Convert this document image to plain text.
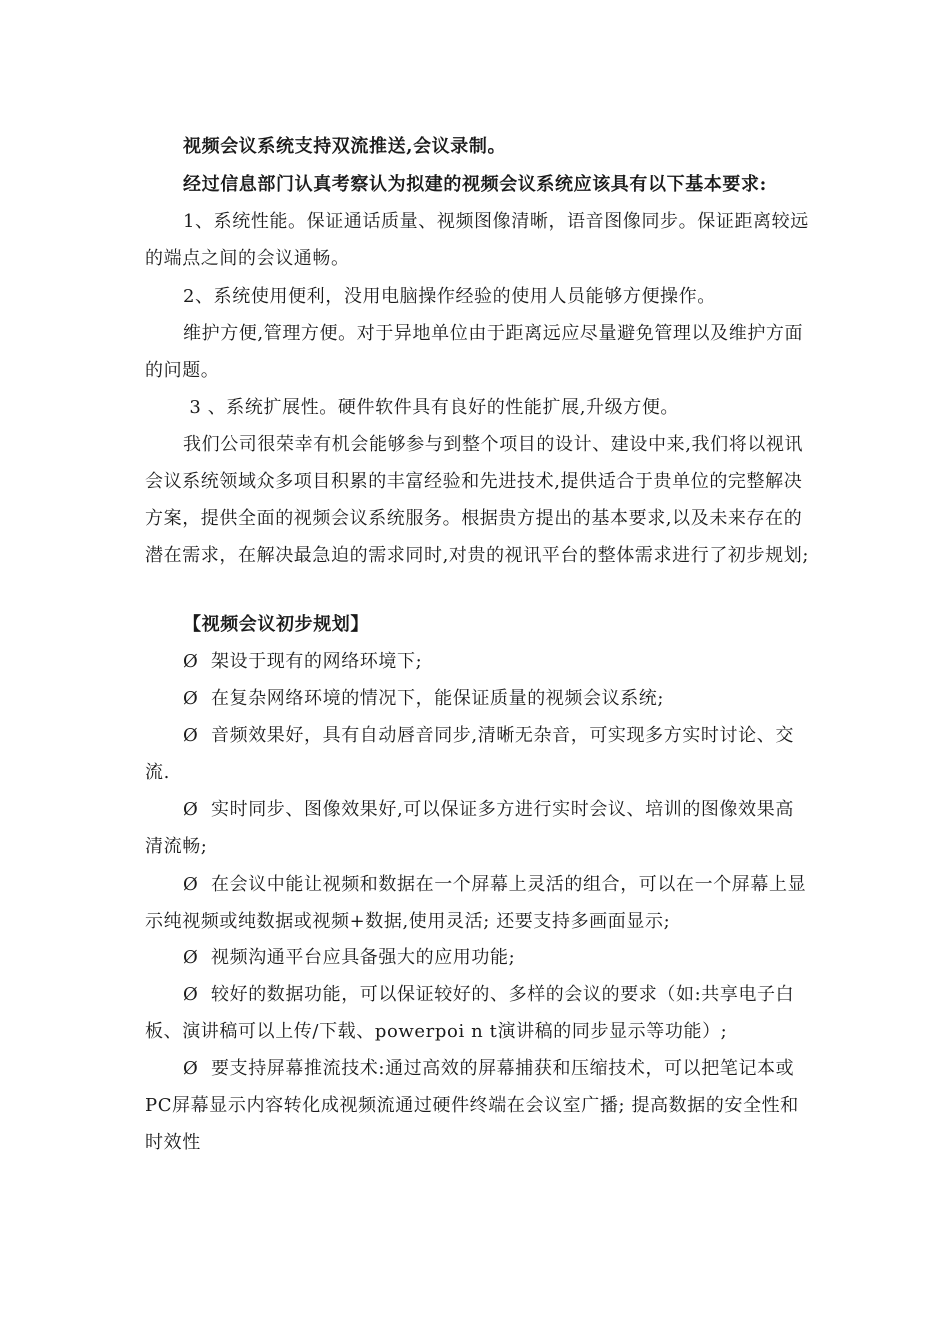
视频会议系统支持双流推送,会议录制。

经过信息部门认真考察认为拟建的视频会议系统应该具有以下基本要求:

1、系统性能。保证通话质量、视频图像清晰，语音图像同步。保证距离较远的端点之间的会议通畅。

2、系统使用便利，没用电脑操作经验的使用人员能够方便操作。

维护方便,管理方便。对于异地单位由于距离远应尽量避免管理以及维护方面的问题。

3 、系统扩展性。硬件软件具有良好的性能扩展,升级方便。

我们公司很荣幸有机会能够参与到整个项目的设计、建设中来,我们将以视讯会议系统领域众多项目积累的丰富经验和先进技术,提供适合于贵单位的完整解决方案，提供全面的视频会议系统服务。根据贵方提出的基本要求,以及未来存在的潜在需求，在解决最急迫的需求同时,对贵的视讯平台的整体需求进行了初步规划;

【视频会议初步规划】

Ø  架设于现有的网络环境下;

Ø  在复杂网络环境的情况下，能保证质量的视频会议系统;

Ø  音频效果好，具有自动唇音同步,清晰无杂音，可实现多方实时讨论、交流.

Ø  实时同步、图像效果好,可以保证多方进行实时会议、培训的图像效果高清流畅;

Ø  在会议中能让视频和数据在一个屏幕上灵活的组合，可以在一个屏幕上显示纯视频或纯数据或视频+数据,使用灵活; 还要支持多画面显示;

Ø  视频沟通平台应具备强大的应用功能;

Ø  较好的数据功能，可以保证较好的、多样的会议的要求（如:共享电子白板、演讲稿可以上传/下载、powerpoi n t演讲稿的同步显示等功能）;

Ø  要支持屏幕推流技术:通过高效的屏幕捕获和压缩技术，可以把笔记本或PC屏幕显示内容转化成视频流通过硬件终端在会议室广播; 提高数据的安全性和时效性
